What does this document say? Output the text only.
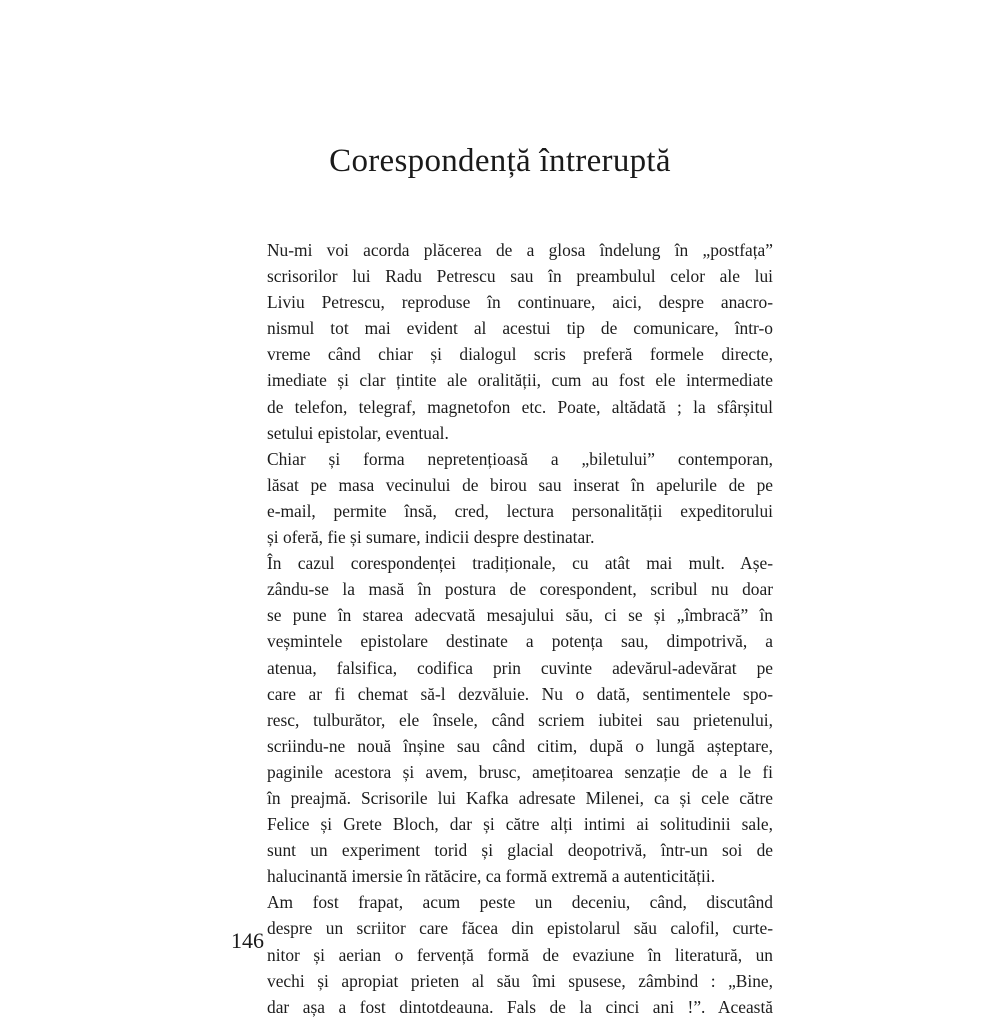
Corespondență întreruptă

Nu-mi voi acorda plăcerea de a glosa îndelung în „postfața”
scrisorilor lui Radu Petrescu sau în preambulul celor ale lui
Liviu Petrescu, reproduse în continuare, aici, despre anacro-
nismul tot mai evident al acestui tip de comunicare, într-o
vreme când chiar și dialogul scris preferă formele directe,
imediate și clar țintite ale oralității, cum au fost ele intermediate
de telefon, telegraf, magnetofon etc. Poate, altădată ; la sfârșitul
setului epistolar, eventual.

Chiar și forma nepretențioasă a „biletului” contemporan,
lăsat pe masa vecinului de birou sau inserat în apelurile de pe
e-mail, permite însă, cred, lectura personalității expeditorului
și oferă, fie și sumare, indicii despre destinatar.

În cazul corespondenței tradiționale, cu atât mai mult. Așe-
zându-se la masă în postura de corespondent, scribul nu doar
se pune în starea adecvată mesajului său, ci se și „îmbracă” în
veșmintele epistolare destinate a potența sau, dimpotrivă, a
atenua, falsifica, codifica prin cuvinte adevărul-adevărat pe
care ar fi chemat să-l dezvăluie. Nu o dată, sentimentele spo-
resc, tulburător, ele însele, când scriem iubitei sau prietenului,
scriindu-ne nouă înșine sau când citim, după o lungă așteptare,
paginile acestora și avem, brusc, amețitoarea senzație de a le fi
în preajmă. Scrisorile lui Kafka adresate Milenei, ca și cele către
Felice și Grete Bloch, dar și către alți intimi ai solitudinii sale,
sunt un experiment torid și glacial deopotrivă, într-un soi de
halucinantă imersie în rătăcire, ca formă extremă a autenticității.

Am fost frapat, acum peste un deceniu, când, discutând
despre un scriitor care făcea din epistolarul său calofil, curte-
nitor și aerian o fervență formă de evaziune în literatură, un
vechi și apropiat prieten al său îmi spusese, zâmbind : „Bine,
dar așa a fost dintotdeauna. Fals de la cinci ani !”. Această

146
